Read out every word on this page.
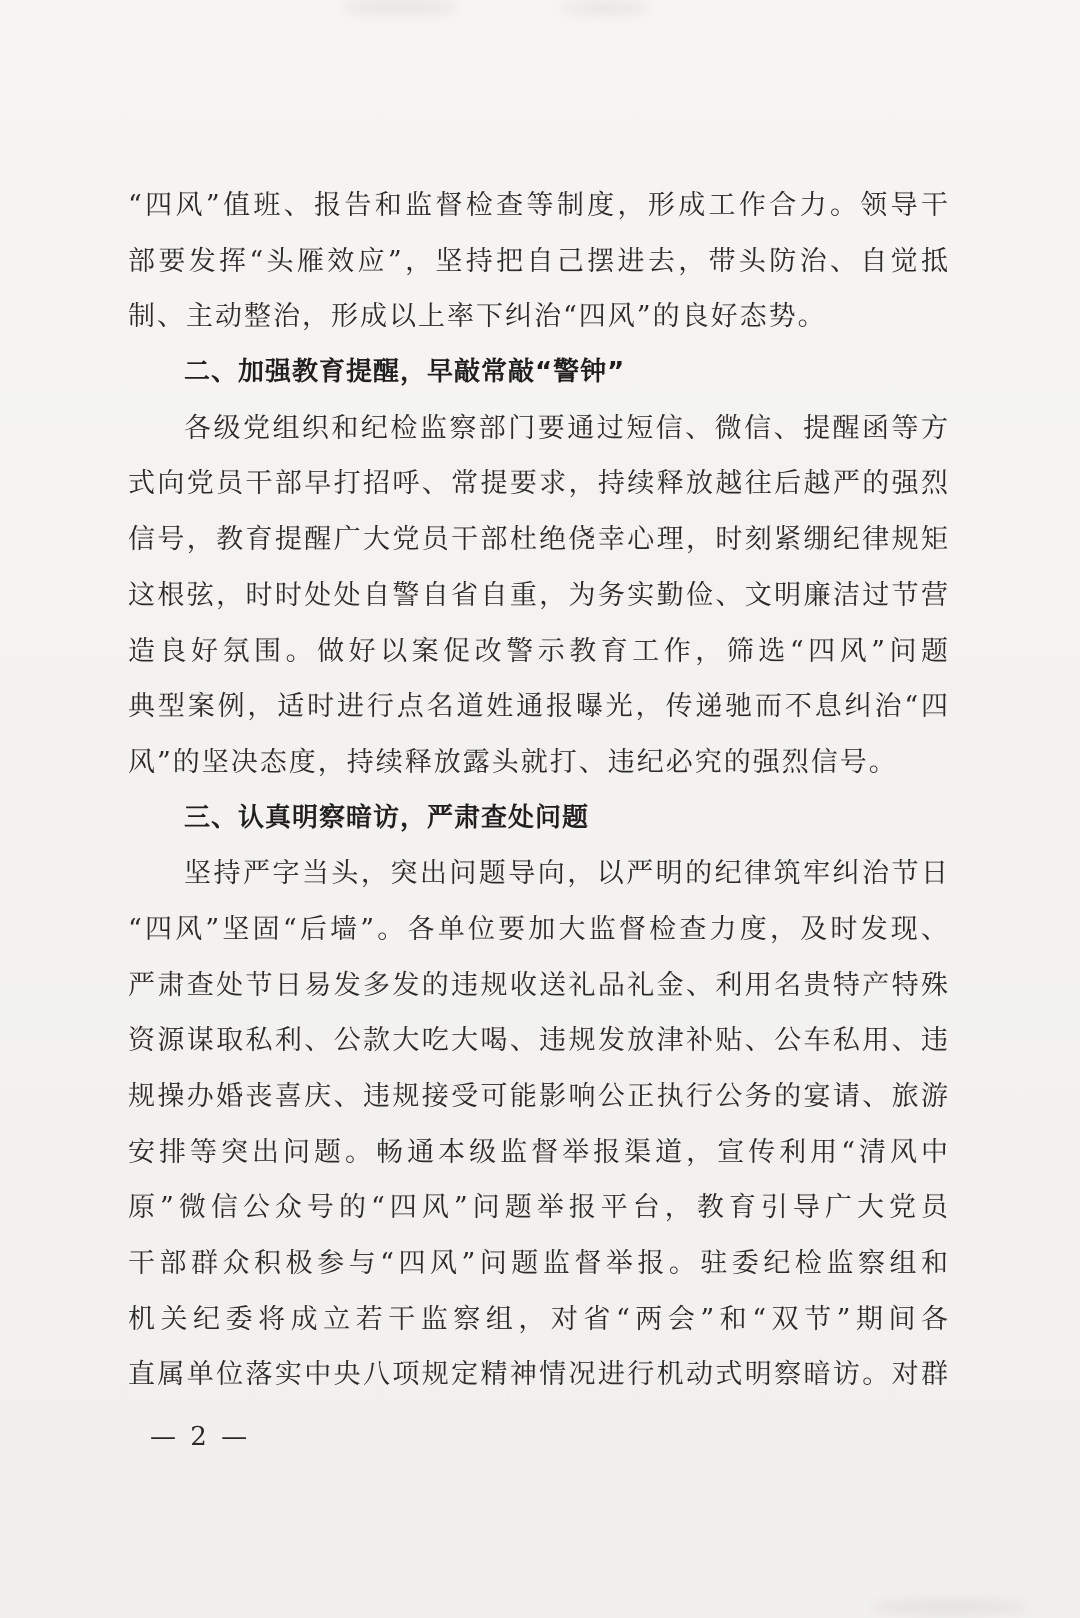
“四风”值班、报告和监督检查等制度，形成工作合力。领导干
部要发挥“头雁效应”，坚持把自己摆进去，带头防治、自觉抵
制、主动整治，形成以上率下纠治“四风”的良好态势。
二、加强教育提醒，早敲常敲“警钟”
各级党组织和纪检监察部门要通过短信、微信、提醒函等方
式向党员干部早打招呼、常提要求，持续释放越往后越严的强烈
信号，教育提醒广大党员干部杜绝侥幸心理，时刻紧绷纪律规矩
这根弦，时时处处自警自省自重，为务实勤俭、文明廉洁过节营
造良好氛围。做好以案促改警示教育工作，筛选“四风”问题
典型案例，适时进行点名道姓通报曝光，传递驰而不息纠治“四
风”的坚决态度，持续释放露头就打、违纪必究的强烈信号。
三、认真明察暗访，严肃查处问题
坚持严字当头，突出问题导向，以严明的纪律筑牢纠治节日
“四风”坚固“后墙”。各单位要加大监督检查力度，及时发现、
严肃查处节日易发多发的违规收送礼品礼金、利用名贵特产特殊
资源谋取私利、公款大吃大喝、违规发放津补贴、公车私用、违
规操办婚丧喜庆、违规接受可能影响公正执行公务的宴请、旅游
安排等突出问题。畅通本级监督举报渠道，宣传利用“清风中
原”微信公众号的“四风”问题举报平台，教育引导广大党员
干部群众积极参与“四风”问题监督举报。驻委纪检监察组和
机关纪委将成立若干监察组，对省“两会”和“双节”期间各
直属单位落实中央八项规定精神情况进行机动式明察暗访。对群
— 2 —
